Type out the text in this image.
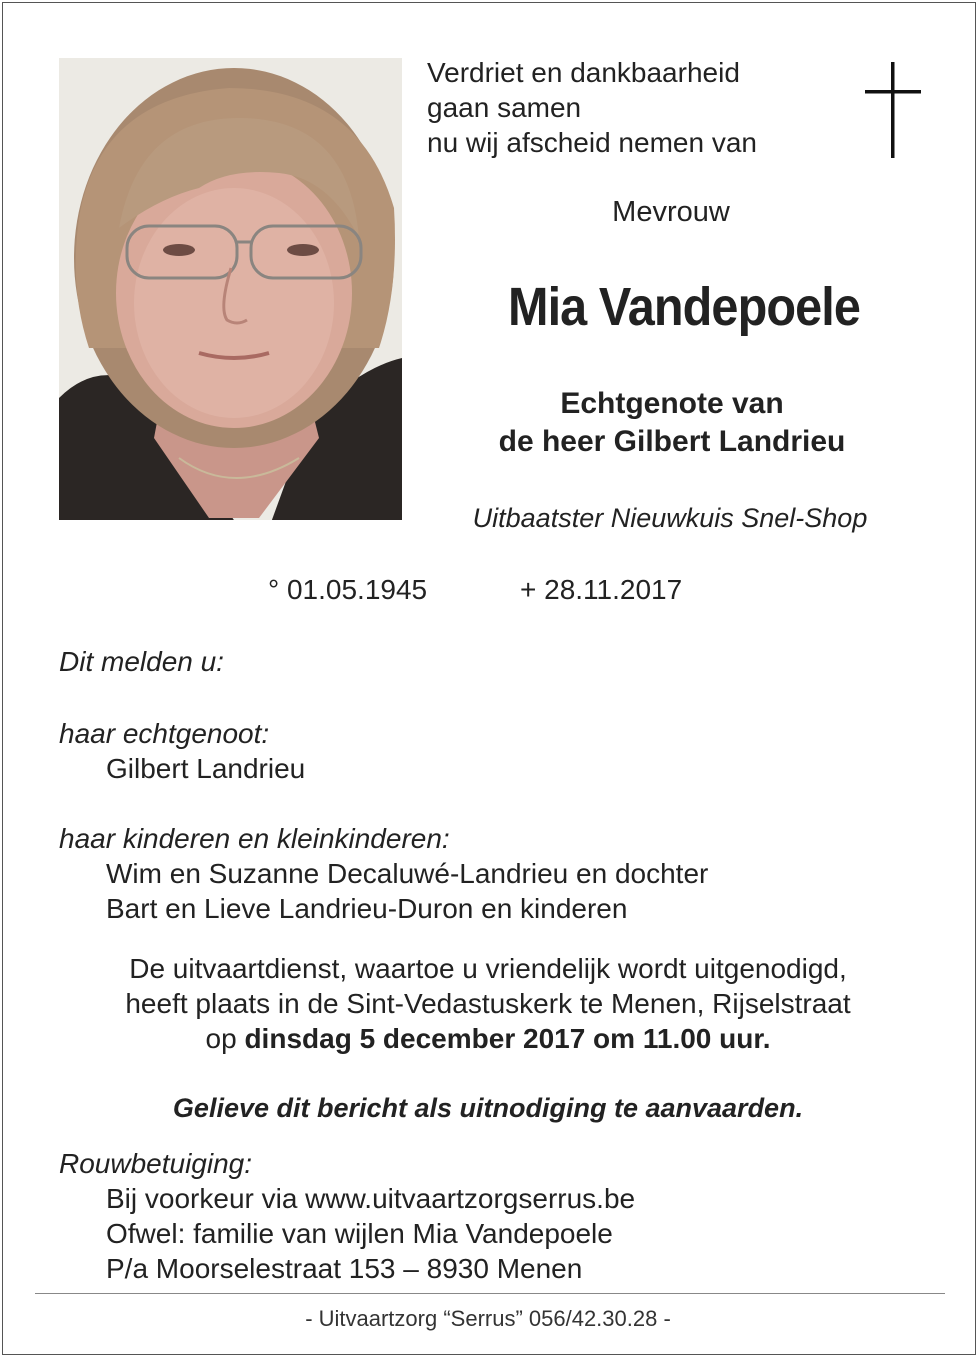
Verdriet en dankbaarheid
gaan samen
nu wij afscheid nemen van
Mevrouw
Mia Vandepoele
Echtgenote van
de heer Gilbert Landrieu
Uitbaatster Nieuwkuis Snel-Shop
° 01.05.1945	+ 28.11.2017
Dit melden u:
haar echtgenoot:
Gilbert Landrieu
haar kinderen en kleinkinderen:
Wim en Suzanne Decaluwé-Landrieu en dochter
Bart en Lieve Landrieu-Duron en kinderen
De uitvaartdienst, waartoe u vriendelijk wordt uitgenodigd,
heeft plaats in de Sint-Vedastuskerk te Menen, Rijselstraat
op dinsdag 5 december 2017 om 11.00 uur.
Gelieve dit bericht als uitnodiging te aanvaarden.
Rouwbetuiging:
Bij voorkeur via www.uitvaartzorgserrus.be
Ofwel: familie van wijlen Mia Vandepoele
P/a Moorselestraat 153 – 8930 Menen
- Uitvaartzorg “Serrus” 056/42.30.28 -
